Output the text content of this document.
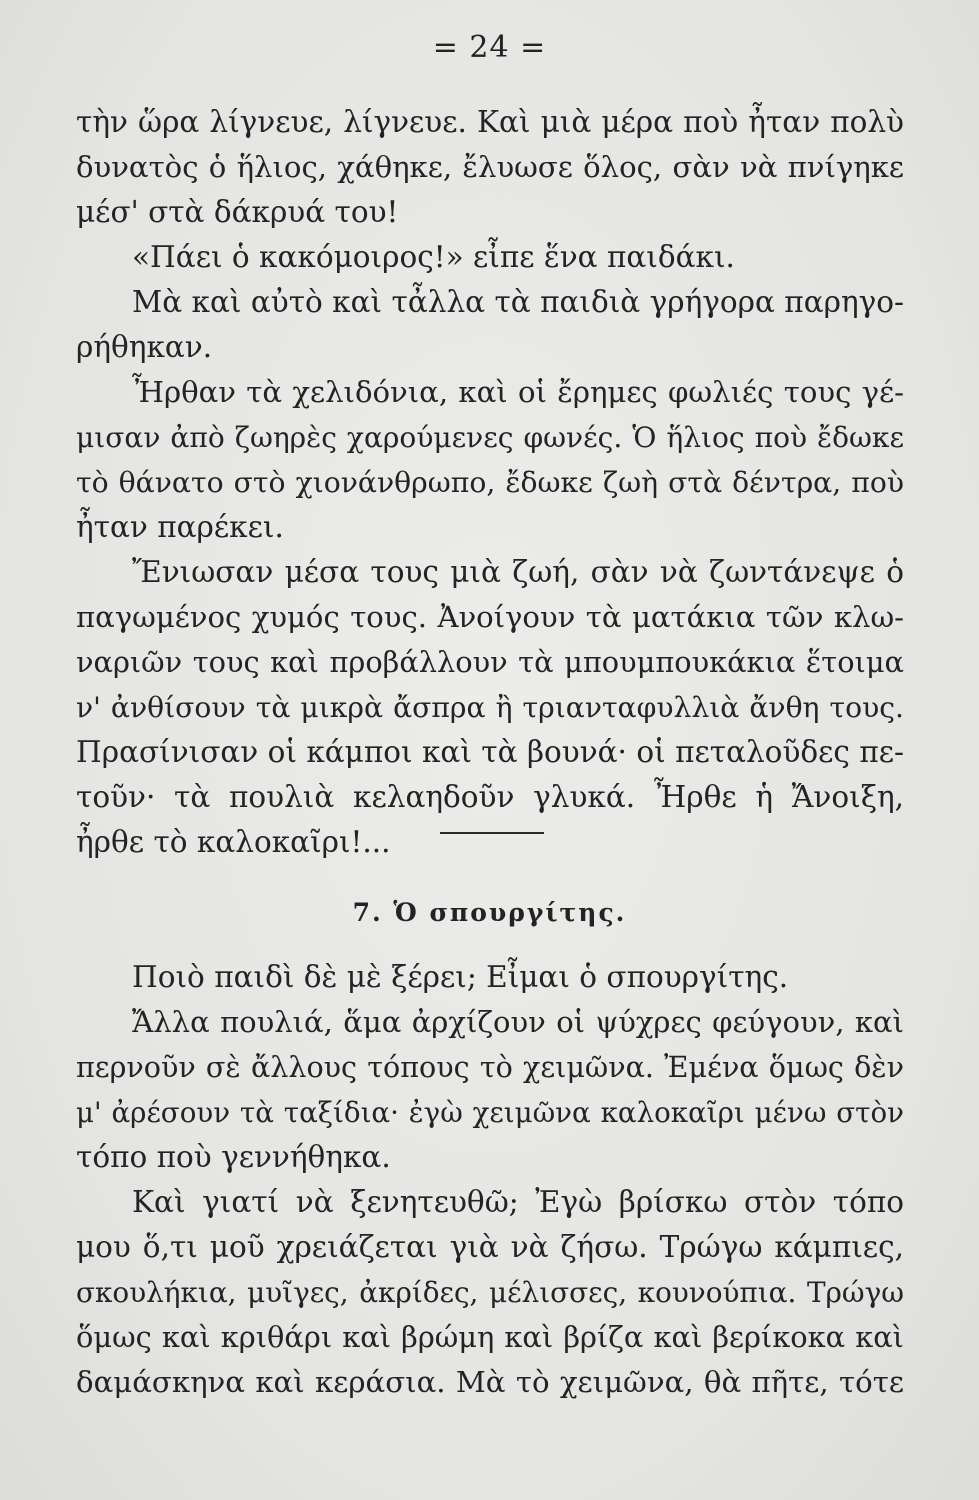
= 24 =
τὴν ὥρα λίγνευε, λίγνευε. Καὶ μιὰ μέρα ποὺ ἦταν πολὺ
δυνατὸς ὁ ἥλιος, χάθηκε, ἔλυωσε ὅλος, σὰν νὰ πνίγηκε
μέσ' στὰ δάκρυά του!
«Πάει ὁ κακόμοιρος!» εἶπε ἕνα παιδάκι.
Μὰ καὶ αὐτὸ καὶ τἆλλα τὰ παιδιὰ γρήγορα παρηγο-
ρήθηκαν.
Ἦρθαν τὰ χελιδόνια, καὶ οἱ ἔρημες φωλιές τους γέ-
μισαν ἀπὸ ζωηρὲς χαρούμενες φωνές. Ὁ ἥλιος ποὺ ἔδωκε
τὸ θάνατο στὸ χιονάνθρωπο, ἔδωκε ζωὴ στὰ δέντρα, ποὺ
ἦταν παρέκει.
Ἔνιωσαν μέσα τους μιὰ ζωή, σὰν νὰ ζωντάνεψε ὁ
παγωμένος χυμός τους. Ἀνοίγουν τὰ ματάκια τῶν κλω-
ναριῶν τους καὶ προβάλλουν τὰ μπουμπουκάκια ἕτοιμα
ν' ἀνθίσουν τὰ μικρὰ ἄσπρα ἢ τριανταφυλλιὰ ἄνθη τους.
Πρασίνισαν οἱ κάμποι καὶ τὰ βουνά· οἱ πεταλοῦδες πε-
τοῦν· τὰ πουλιὰ κελαηδοῦν γλυκά. Ἦρθε ἡ Ἄνοιξη,
ἦρθε τὸ καλοκαῖρι!...
7. Ὁ σπουργίτης.
Ποιὸ παιδὶ δὲ μὲ ξέρει; Εἶμαι ὁ σπουργίτης.
Ἄλλα πουλιά, ἅμα ἀρχίζουν οἱ ψύχρες φεύγουν, καὶ
περνοῦν σὲ ἄλλους τόπους τὸ χειμῶνα. Ἐμένα ὅμως δὲν
μ' ἀρέσουν τὰ ταξίδια· ἐγὼ χειμῶνα καλοκαῖρι μένω στὸν
τόπο ποὺ γεννήθηκα.
Καὶ γιατί νὰ ξενητευθῶ; Ἐγὼ βρίσκω στὸν τόπο
μου ὅ,τι μοῦ χρειάζεται γιὰ νὰ ζήσω. Τρώγω κάμπιες,
σκουλήκια, μυῖγες, ἀκρίδες, μέλισσες, κουνούπια. Τρώγω
ὅμως καὶ κριθάρι καὶ βρώμη καὶ βρίζα καὶ βερίκοκα καὶ
δαμάσκηνα καὶ κεράσια. Μὰ τὸ χειμῶνα, θὰ πῆτε, τότε
